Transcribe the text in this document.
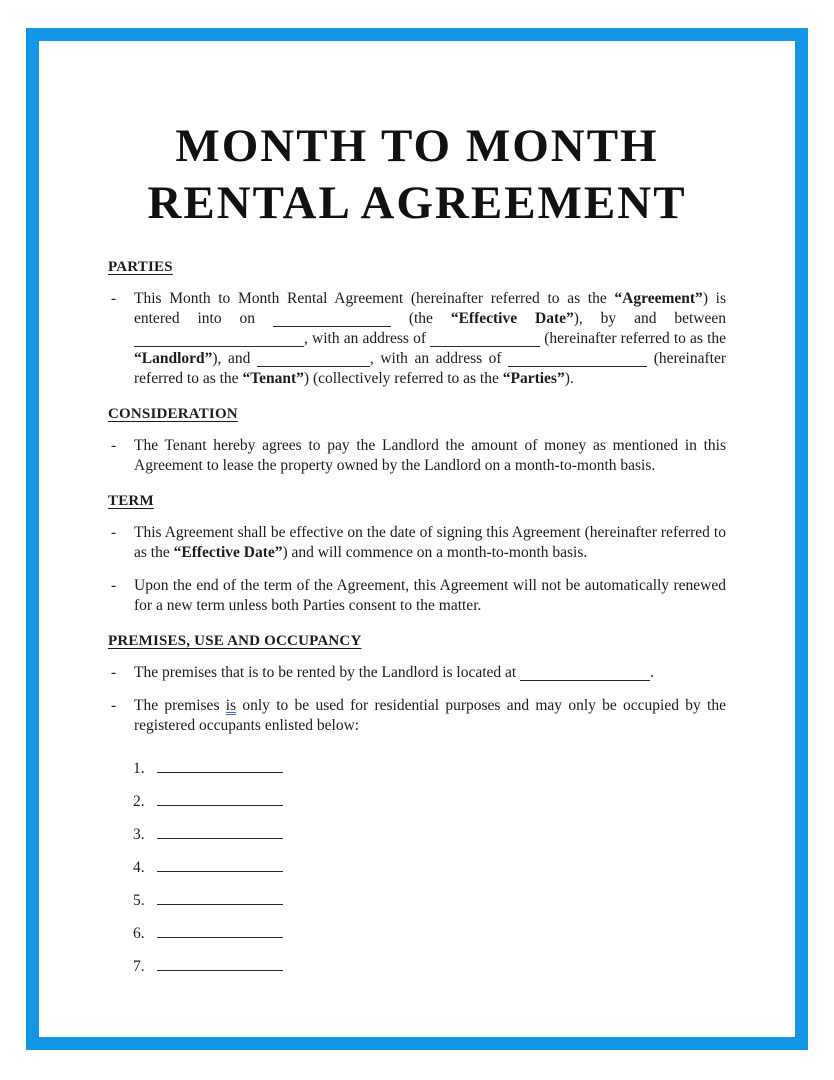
MONTH TO MONTH
RENTAL AGREEMENT
PARTIES
-	This Month to Month Rental Agreement (hereinafter referred to as the “Agreement”) is entered into on	(the “Effective Date”), by and between , with an address of	(hereinafter referred to as the “Landlord”), and	, with an address of	(hereinafter referred to as the “Tenant”) (collectively referred to as the “Parties”).
CONSIDERATION
-	The Tenant hereby agrees to pay the Landlord the amount of money as mentioned in this Agreement to lease the property owned by the Landlord on a month-to-month basis.
TERM
-	This Agreement shall be effective on the date of signing this Agreement (hereinafter referred to as the “Effective Date”) and will commence on a month-to-month basis.
-	Upon the end of the term of the Agreement, this Agreement will not be automatically renewed for a new term unless both Parties consent to the matter.
PREMISES, USE AND OCCUPANCY
-	The premises that is to be rented by the Landlord is located at	.
-	The premises is only to be used for residential purposes and may only be occupied by the registered occupants enlisted below:
1.
2.
3.
4.
5.
6.
7.
